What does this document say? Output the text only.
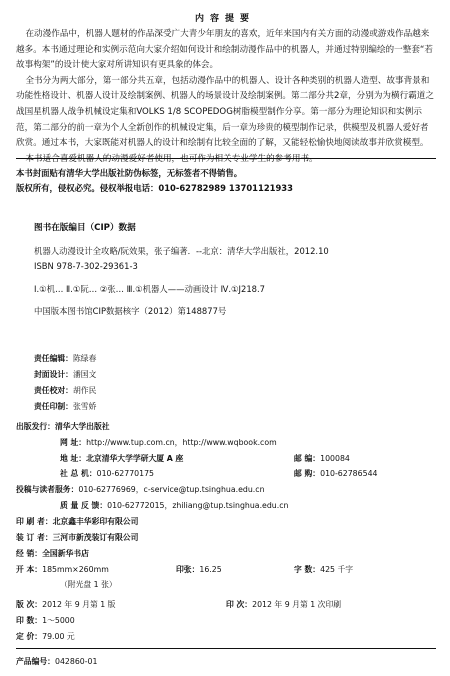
内容提要

在动漫作品中，机器人题材的作品深受广大青少年朋友的喜欢，近年来国内有关方面的动漫或游戏作品越来越多。本书通过理论和实例示范向大家介绍如何设计和绘制动漫作品中的机器人，并通过特别编绘的一整套“若故事构架”的设计使大家对所讲知识有更具象的体会。

全书分为两大部分，第一部分共五章，包括动漫作品中的机器人、设计各种类别的机器人造型、故事背景和功能性格设计、机器人设计及绘制案例、机器人的场景设计及绘制案例。第二部分共2章，分别为为横行霸道之战国星机器人战争机械设定集和VOLKS 1/8 SCOPEDOG树脂模型制作分享。第一部分为理论知识和实例示范，第二部分的前一章为个人全新创作的机械设定集，后一章为珍贵的模型制作记录，供模型及机器人爱好者欣赏。通过本书，大家既能对机器人的设计和绘制有比较全面的了解，又能轻松愉快地阅读故事并欣赏模型。

本书适合喜爱机器人的动漫爱好者使用，也可作为相关专业学生的参考用书。

本书封面贴有清华大学出版社防伪标签，无标签者不得销售。
版权所有，侵权必究。侵权举报电话：010-62782989 13701121933
图书在版编目（CIP）数据
机器人动漫设计全攻略/阮效果，张子编著．--北京：清华大学出版社，2012.10
ISBN 978-7-302-29361-3
Ⅰ.①机… Ⅱ.①阮… ②张… Ⅲ.①机器人——动画设计 Ⅳ.①J218.7
中国版本图书馆CIP数据核字（2012）第148877号
责任编辑：陈绿春
封面设计：潘国文
责任校对：胡作民
责任印制：张雪娇
出版发行：清华大学出版社
网 址：http://www.tup.com.cn，http://www.wqbook.com
地 址：北京清华大学学研大厦 A 座	邮 编：100084
社 总 机：010-62770175	邮 购：010-62786544
投稿与读者服务：010-62776969，c-service@tup.tsinghua.edu.cn
质 量 反 馈：010-62772015，zhiliang@tup.tsinghua.edu.cn
印 刷 者：北京鑫丰华彩印有限公司
装 订 者：三河市新茂装订有限公司
经 销：全国新华书店
开 本：185mm×260mm	印张：16.25	字 数：425 千字
（附光盘 1 张）
版 次：2012 年 9 月第 1 版	印 次：2012 年 9 月第 1 次印刷
印 数：1～5000
定 价：79.00 元
产品编号：042860-01
